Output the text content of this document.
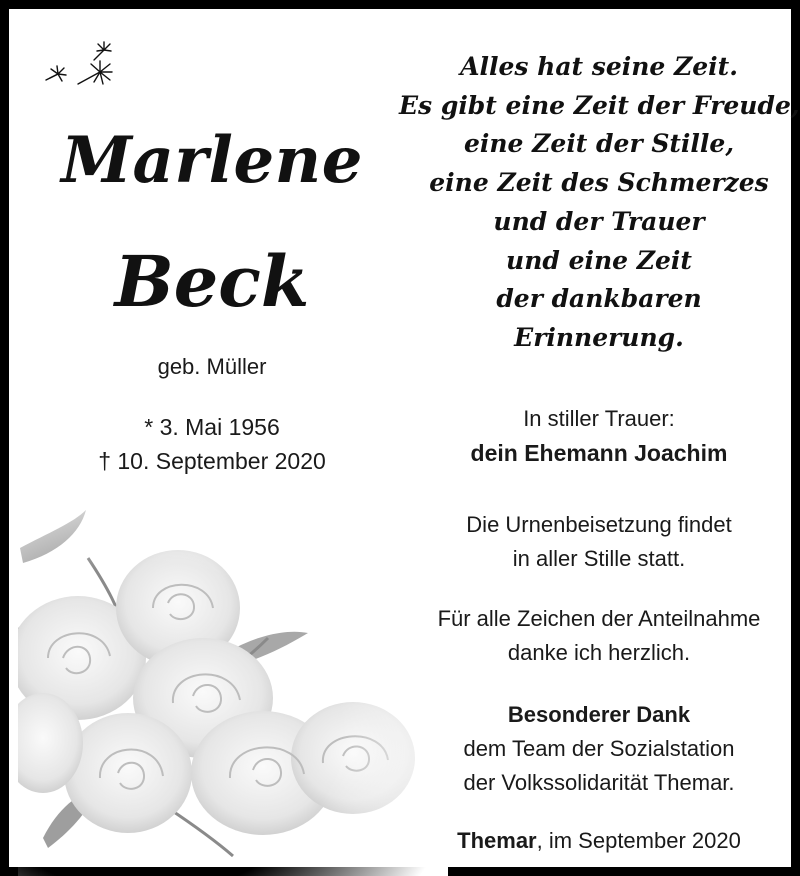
Marlene
Beck
geb. Müller
* 3. Mai 1956
† 10. September 2020
Alles hat seine Zeit.
Es gibt eine Zeit der Freude,
eine Zeit der Stille,
eine Zeit des Schmerzes
und der Trauer
und eine Zeit
der dankbaren
Erinnerung.
In stiller Trauer:
dein Ehemann Joachim
Die Urnenbeisetzung findet
in aller Stille statt.
Für alle Zeichen der Anteilnahme
danke ich herzlich.
Besonderer Dank
dem Team der Sozialstation
der Volkssolidarität Themar.
Themar, im September 2020
